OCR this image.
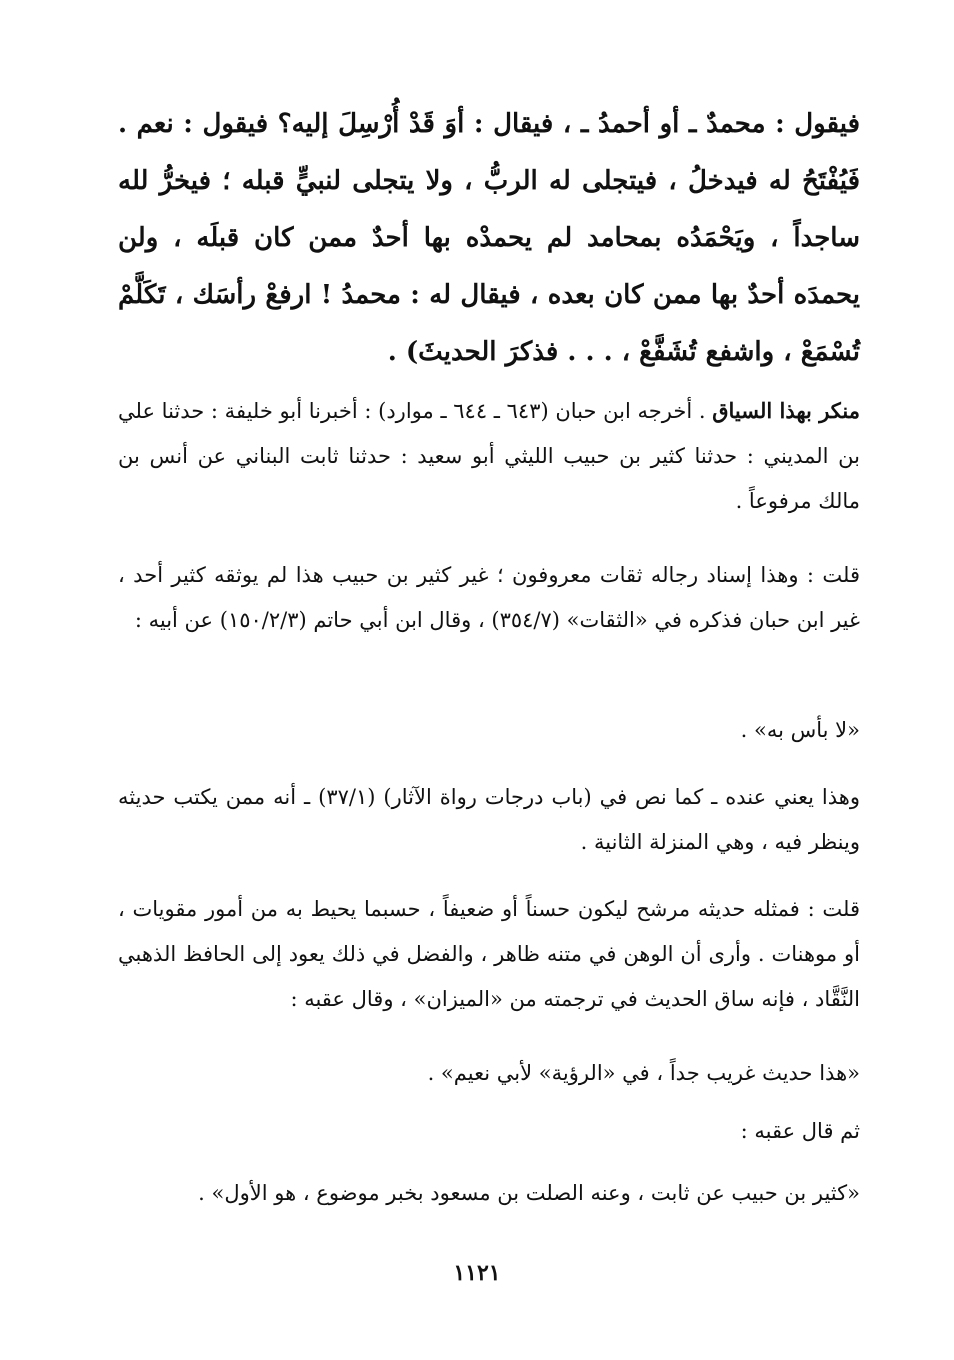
فيقول : محمدٌ ـ أو أحمدُ ـ ، فيقال : أوَ قَدْ أُرْسِلَ إليه؟ فيقول : نعم . فَيُفْتَحُ له فيدخلُ ، فيتجلى له الربُّ ، ولا يتجلى لنبيٍّ قبله ؛ فيخرُّ لله ساجداً ، ويَحْمَدُه بمحامد لم يحمدْه بها أحدٌ ممن كان قبلَه ، ولن يحمدَه أحدٌ بها ممن كان بعده ، فيقال له : محمدُ ! ارفعْ رأسَك ، تَكَلَّمْ تُسْمَعْ ، واشفع تُشَفَّعْ ، . . . فذكرَ الحديثَ) .

منكر بهذا السياق . أخرجه ابن حبان (٦٤٣ ـ ٦٤٤ ـ موارد) : أخبرنا أبو خليفة : حدثنا علي بن المديني : حدثنا كثير بن حبيب الليثي أبو سعيد : حدثنا ثابت البناني عن أنس بن مالك مرفوعاً .

قلت : وهذا إسناد رجاله ثقات معروفون ؛ غير كثير بن حبيب هذا لم يوثقه كثير أحد ، غير ابن حبان فذكره في «الثقات» (٣٥٤/٧) ، وقال ابن أبي حاتم (١٥٠/٢/٣) عن أبيه :

«لا بأس به» .

وهذا يعني عنده ـ كما نص في (باب درجات رواة الآثار) (٣٧/١) ـ أنه ممن يكتب حديثه وينظر فيه ، وهي المنزلة الثانية .

قلت : فمثله حديثه مرشح ليكون حسناً أو ضعيفاً ، حسبما يحيط به من أمور مقويات ، أو موهنات . وأرى أن الوهن في متنه ظاهر ، والفضل في ذلك يعود إلى الحافظ الذهبي النَّقَّاد ، فإنه ساق الحديث في ترجمته من «الميزان» ، وقال عقبه :

«هذا حديث غريب جداً ، في «الرؤية» لأبي نعيم» .

ثم قال عقبه :

«كثير بن حبيب عن ثابت ، وعنه الصلت بن مسعود بخبر موضوع ، هو الأول» .

١١٢١
